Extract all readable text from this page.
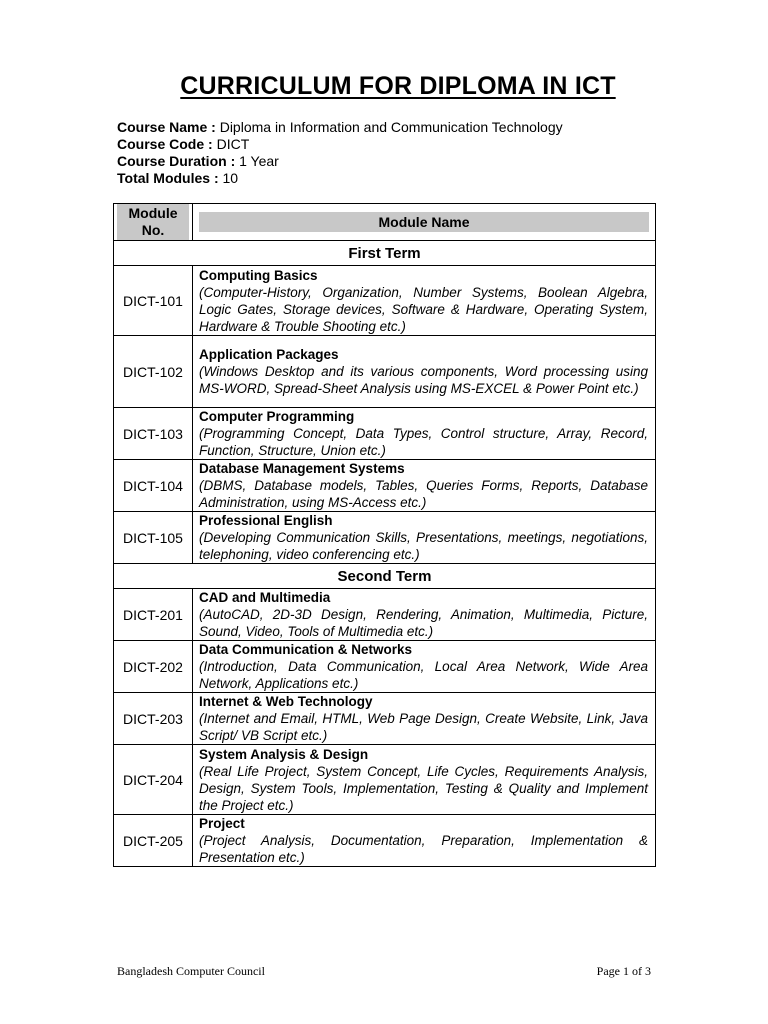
CURRICULUM FOR DIPLOMA IN ICT
Course Name : Diploma in Information and Communication Technology
Course Code : DICT
Course Duration : 1 Year
Total Modules : 10
Module No.	Module Name

First Term	
DICT-101	Computing Basics
(Computer-History, Organization, Number Systems, Boolean Algebra, Logic Gates, Storage devices, Software & Hardware, Operating System, Hardware & Trouble Shooting etc.)

DICT-102	Application Packages
(Windows Desktop and its various components, Word processing using MS-WORD, Spread-Sheet Analysis using MS-EXCEL & Power Point etc.)

DICT-103	Computer Programming
(Programming Concept, Data Types, Control structure, Array, Record, Function, Structure, Union etc.)

DICT-104	Database Management Systems
(DBMS, Database models, Tables, Queries Forms, Reports, Database Administration, using MS-Access etc.)

DICT-105	Professional English
(Developing Communication Skills, Presentations, meetings, negotiations, telephoning, video conferencing etc.)

Second Term	
DICT-201	CAD and Multimedia
(AutoCAD, 2D-3D Design, Rendering, Animation, Multimedia, Picture, Sound, Video, Tools of Multimedia etc.)

DICT-202	Data Communication & Networks
(Introduction, Data Communication, Local Area Network, Wide Area Network, Applications etc.)

DICT-203	Internet & Web Technology
(Internet and Email, HTML, Web Page Design, Create Website, Link, Java Script/ VB Script etc.)

DICT-204	System Analysis & Design
(Real Life Project, System Concept, Life Cycles, Requirements Analysis, Design, System Tools, Implementation, Testing & Quality and Implement the Project etc.)

DICT-205	Project
(Project Analysis, Documentation, Preparation, Implementation & Presentation etc.)
Bangladesh Computer Council	Page 1 of 3
